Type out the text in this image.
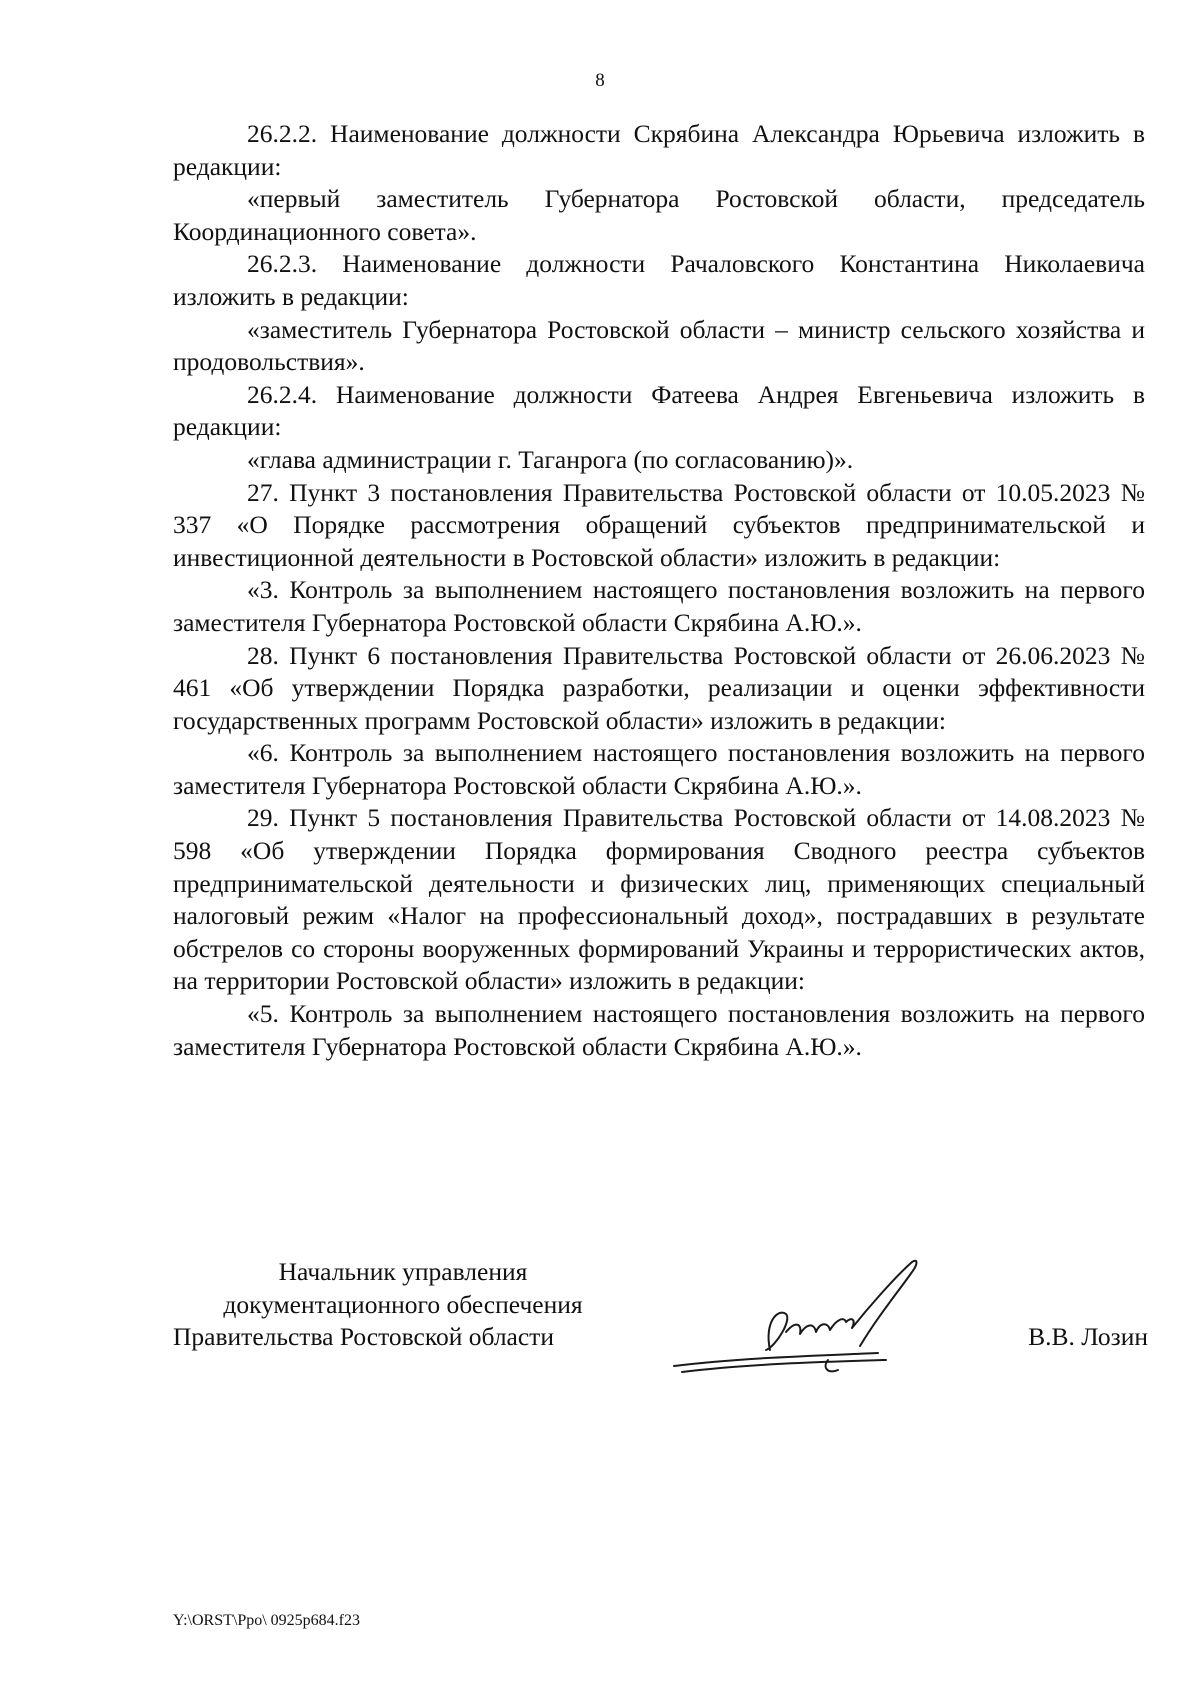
8

26.2.2. Наименование должности Скрябина Александра Юрьевича изложить в редакции:

«первый заместитель Губернатора Ростовской области, председатель Координационного совета».

26.2.3. Наименование должности Рачаловского Константина Николаевича изложить в редакции:

«заместитель Губернатора Ростовской области – министр сельского хозяйства и продовольствия».

26.2.4. Наименование должности Фатеева Андрея Евгеньевича изложить в редакции:

«глава администрации г. Таганрога (по согласованию)».

27. Пункт 3 постановления Правительства Ростовской области от 10.05.2023 № 337 «О Порядке рассмотрения обращений субъектов предпринимательской и инвестиционной деятельности в Ростовской области» изложить в редакции:

«3. Контроль за выполнением настоящего постановления возложить на первого заместителя Губернатора Ростовской области Скрябина А.Ю.».

28. Пункт 6 постановления Правительства Ростовской области от 26.06.2023 № 461 «Об утверждении Порядка разработки, реализации и оценки эффективности государственных программ Ростовской области» изложить в редакции:

«6. Контроль за выполнением настоящего постановления возложить на первого заместителя Губернатора Ростовской области Скрябина А.Ю.».

29. Пункт 5 постановления Правительства Ростовской области от 14.08.2023 № 598 «Об утверждении Порядка формирования Сводного реестра субъектов предпринимательской деятельности и физических лиц, применяющих специальный налоговый режим «Налог на профессиональный доход», пострадавших в результате обстрелов со стороны вооруженных формирований Украины и террористических актов, на территории Ростовской области» изложить в редакции:

«5. Контроль за выполнением настоящего постановления возложить на первого заместителя Губернатора Ростовской области Скрябина А.Ю.».

Начальник управления
документационного обеспечения
Правительства Ростовской области	В.В. Лозин
Y:\ORST\Ppo\ 0925p684.f23
